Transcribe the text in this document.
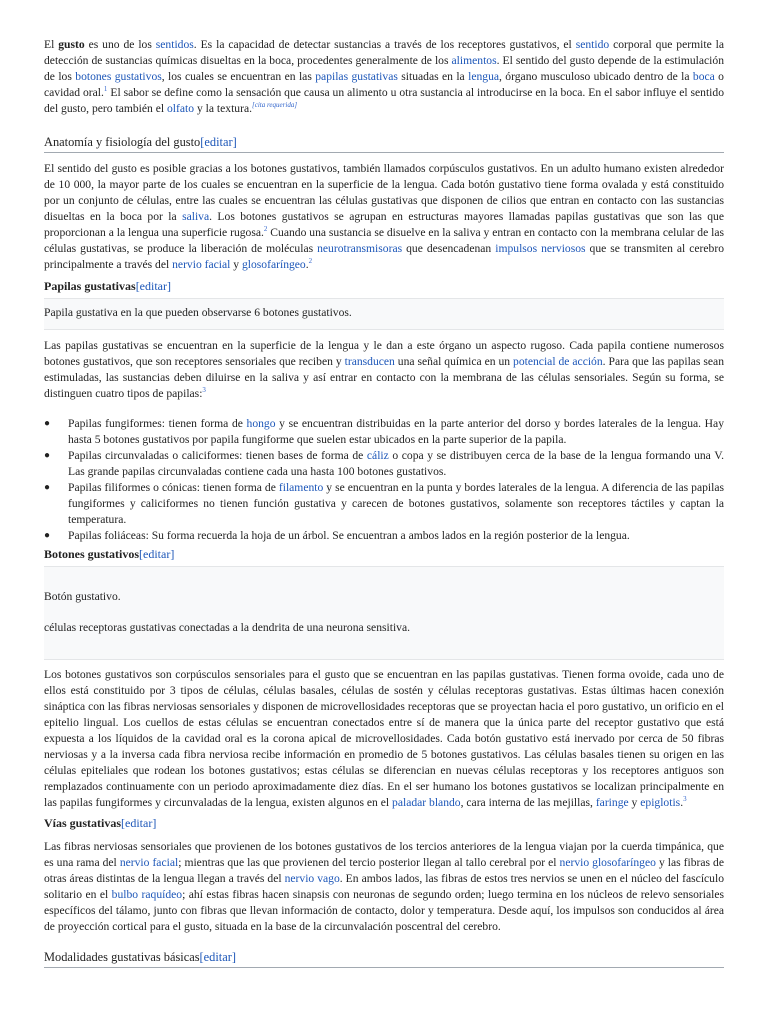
El gusto es uno de los sentidos. Es la capacidad de detectar sustancias a través de los receptores gustativos, el sentido corporal que permite la detección de sustancias químicas disueltas en la boca, procedentes generalmente de los alimentos. El sentido del gusto depende de la estimulación de los botones gustativos, los cuales se encuentran en las papilas gustativas situadas en la lengua, órgano musculoso ubicado dentro de la boca o cavidad oral.$^1$ El sabor se define como la sensación que causa un alimento u otra sustancia al introducirse en la boca. En el sabor influye el sentido del gusto, pero también el olfato y la textura.[cita requerida]

Anatomía y fisiología del gusto[editar]

El sentido del gusto es posible gracias a los botones gustativos, también llamados corpúsculos gustativos. En un adulto humano existen alrededor de 10 000, la mayor parte de los cuales se encuentran en la superficie de la lengua. Cada botón gustativo tiene forma ovalada y está constituido por un conjunto de células, entre las cuales se encuentran las células gustativas que disponen de cilios que entran en contacto con las sustancias disueltas en la boca por la saliva. Los botones gustativos se agrupan en estructuras mayores llamadas papilas gustativas que son las que proporcionan a la lengua una superficie rugosa.$^2$ Cuando una sustancia se disuelve en la saliva y entran en contacto con la membrana celular de las células gustativas, se produce la liberación de moléculas neurotransmisoras que desencadenan impulsos nerviosos que se transmiten al cerebro principalmente a través del nervio facial y glosofaríngeo.$^2$

Papilas gustativas[editar]
Papila gustativa en la que pueden observarse 6 botones gustativos.

Las papilas gustativas se encuentran en la superficie de la lengua y le dan a este órgano un aspecto rugoso. Cada papila contiene numerosos botones gustativos, que son receptores sensoriales que reciben y transducen una señal química en un potencial de acción. Para que las papilas sean estimuladas, las sustancias deben diluirse en la saliva y así entrar en contacto con la membrana de las células sensoriales. Según su forma, se distinguen cuatro tipos de papilas:$^3$

● Papilas fungiformes: tienen forma de hongo y se encuentran distribuidas en la parte anterior del dorso y bordes laterales de la lengua. Hay hasta 5 botones gustativos por papila fungiforme que suelen estar ubicados en la parte superior de la papila.
● Papilas circunvaladas o caliciformes: tienen bases de forma de cáliz o copa y se distribuyen cerca de la base de la lengua formando una V. Las grande papilas circunvaladas contiene cada una hasta 100 botones gustativos.
● Papilas filiformes o cónicas: tienen forma de filamento y se encuentran en la punta y bordes laterales de la lengua. A diferencia de las papilas fungiformes y caliciformes no tienen función gustativa y carecen de botones gustativos, solamente son receptores táctiles y captan la temperatura.
● Papilas foliáceas: Su forma recuerda la hoja de un árbol. Se encuentran a ambos lados en la región posterior de la lengua.
Botones gustativos[editar]
Botón gustativo.
células receptoras gustativas conectadas a la dendrita de una neurona sensitiva.

Los botones gustativos son corpúsculos sensoriales para el gusto que se encuentran en las papilas gustativas. Tienen forma ovoide, cada uno de ellos está constituido por 3 tipos de células, células basales, células de sostén y células receptoras gustativas. Estas últimas hacen conexión sináptica con las fibras nerviosas sensoriales y disponen de microvellosidades receptoras que se proyectan hacia el poro gustativo, un orificio en el epitelio lingual. Los cuellos de estas células se encuentran conectados entre sí de manera que la única parte del receptor gustativo que está expuesta a los líquidos de la cavidad oral es la corona apical de microvellosidades. Cada botón gustativo está inervado por cerca de 50 fibras nerviosas y a la inversa cada fibra nerviosa recibe información en promedio de 5 botones gustativos. Las células basales tienen su origen en las células epiteliales que rodean los botones gustativos; estas células se diferencian en nuevas células receptoras y los receptores antiguos son remplazados continuamente con un periodo aproximadamente diez días. En el ser humano los botones gustativos se localizan principalmente en las papilas fungiformes y circunvaladas de la lengua, existen algunos en el paladar blando, cara interna de las mejillas, faringe y epiglotis.$^3$

Vías gustativas[editar]

Las fibras nerviosas sensoriales que provienen de los botones gustativos de los tercios anteriores de la lengua viajan por la cuerda timpánica, que es una rama del nervio facial; mientras que las que provienen del tercio posterior llegan al tallo cerebral por el nervio glosofaríngeo y las fibras de otras áreas distintas de la lengua llegan a través del nervio vago. En ambos lados, las fibras de estos tres nervios se unen en el núcleo del fascículo solitario en el bulbo raquídeo; ahí estas fibras hacen sinapsis con neuronas de segundo orden; luego termina en los núcleos de relevo sensoriales específicos del tálamo, junto con fibras que llevan información de contacto, dolor y temperatura. Desde aquí, los impulsos son conducidos al área de proyección cortical para el gusto, situada en la base de la circunvalación poscentral del cerebro.

Modalidades gustativas básicas[editar]
